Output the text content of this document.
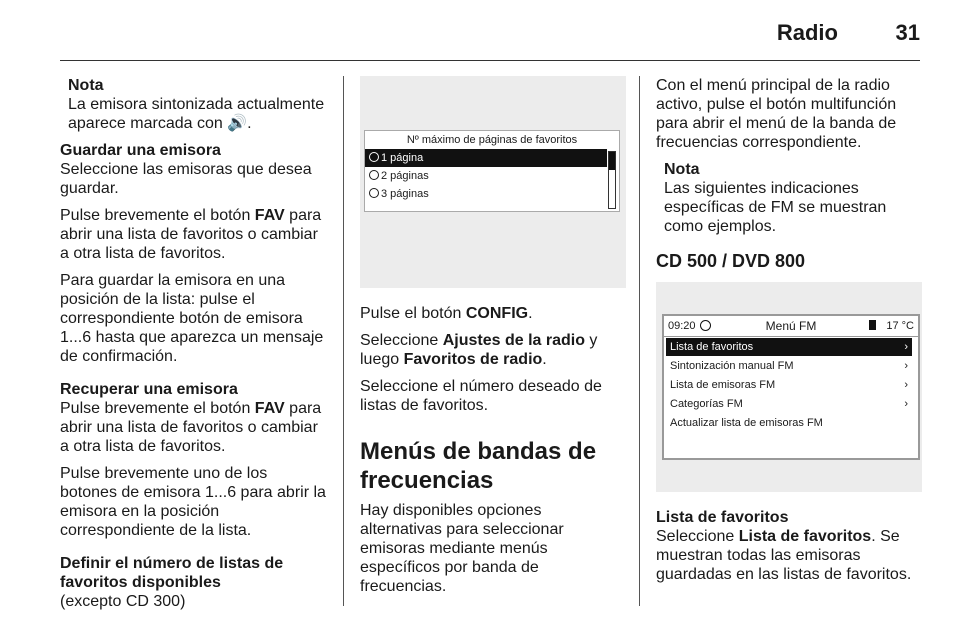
Radio	31
Nota
La emisora sintonizada actualmente aparece marcada con 🔊.
Guardar una emisora

Seleccione las emisoras que desea guardar.

Pulse brevemente el botón FAV para abrir una lista de favoritos o cambiar a otra lista de favoritos.

Para guardar la emisora en una posición de la lista: pulse el correspondiente botón de emisora 1...6 hasta que aparezca un mensaje de confirmación.

Recuperar una emisora

Pulse brevemente el botón FAV para abrir una lista de favoritos o cambiar a otra lista de favoritos.

Pulse brevemente uno de los botones de emisora 1...6 para abrir la emisora en la posición correspondiente de la lista.

Definir el número de listas de favoritos disponibles

(excepto CD 300)

Nº máximo de páginas de favoritos
1 página
2 páginas
3 páginas

Pulse el botón CONFIG.

Seleccione Ajustes de la radio y luego Favoritos de radio.

Seleccione el número deseado de listas de favoritos.

Menús de bandas de frecuencias

Hay disponibles opciones alternativas para seleccionar emisoras mediante menús específicos por banda de frecuencias.

Con el menú principal de la radio activo, pulse el botón multifunción para abrir el menú de la banda de frecuencias correspondiente.

Nota
Las siguientes indicaciones específicas de FM se muestran como ejemplos.
CD 500 / DVD 800
09:20	Menú FM	17 °C
Lista de favoritos	›
Sintonización manual FM	›
Lista de emisoras FM	›
Categorías FM	›
Actualizar lista de emisoras FM
Lista de favoritos

Seleccione Lista de favoritos. Se muestran todas las emisoras guardadas en las listas de favoritos.
